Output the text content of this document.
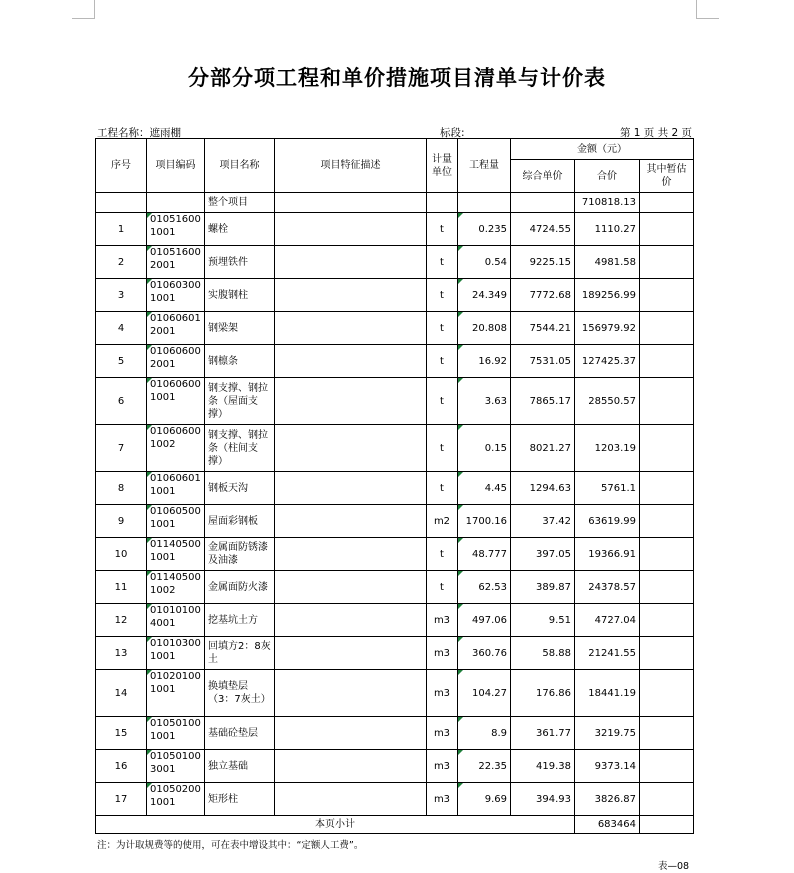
分部分项工程和单价措施项目清单与计价表
工程名称：遮雨棚	标段:	第 1 页 共 2 页
序号	项目编码	项目名称	项目特征描述	计量单位	工程量	金额（元）		
						综合单价	合价	其中暂估价
		整个项目					710818.13	
1	010516001001	螺栓		t	0.235	4724.55	1110.27	
2	010516002001	预埋铁件		t	0.54	9225.15	4981.58	
3	010603001001	实腹钢柱		t	24.349	7772.68	189256.99	
4	010606012001	钢梁架		t	20.808	7544.21	156979.92	
5	010606002001	钢檩条		t	16.92	7531.05	127425.37	
6	010606001001	钢支撑、钢拉条（屋面支撑）		t	3.63	7865.17	28550.57	
7	010606001002	钢支撑、钢拉条（柱间支撑）		t	0.15	8021.27	1203.19	
8	010606011001	钢板天沟		t	4.45	1294.63	5761.1	
9	010605001001	屋面彩钢板		m2	1700.16	37.42	63619.99	
10	011405001001	金属面防锈漆及油漆		t	48.777	397.05	19366.91	
11	011405001002	金属面防火漆		t	62.53	389.87	24378.57	
12	010101004001	挖基坑土方		m3	497.06	9.51	4727.04	
13	010103001001	回填方2：8灰土		m3	360.76	58.88	21241.55	
14	010201001001	换填垫层（3：7灰土）		m3	104.27	176.86	18441.19	
15	010501001001	基础砼垫层		m3	8.9	361.77	3219.75	
16	010501003001	独立基础		m3	22.35	419.38	9373.14	
17	010502001001	矩形柱		m3	9.69	394.93	3826.87	
本页小计							683464	
注：为计取规费等的使用，可在表中增设其中：“定额人工费”。
表—08
